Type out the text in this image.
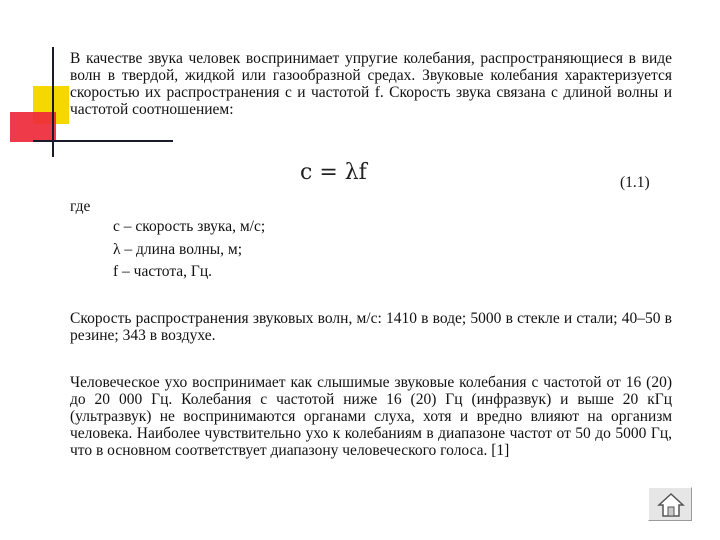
В качестве звука человек воспринимает упругие колебания, распространяющиеся в виде волн в твердой, жидкой или газообразной средах. Звуковые колебания характеризуется скоростью их распространения с и частотой f. Скорость звука связана с длиной волны и частотой соотношением:

c = λf	(1.1)
где
с – скорость звука, м/с;
λ – длина волны, м;
f – частота, Гц.

Скорость распространения звуковых волн, м/с: 1410 в воде; 5000 в стекле и стали; 40–50 в резине; 343 в воздухе.

Человеческое ухо воспринимает как слышимые звуковые колебания с частотой от 16 (20) до 20 000 Гц. Колебания с частотой ниже 16 (20) Гц (инфразвук) и выше 20 кГц (ультразвук) не воспринимаются органами слуха, хотя и вредно влияют на организм человека. Наиболее чувствительно ухо к колебаниям в диапазоне частот от 50 до 5000 Гц, что в основном соответствует диапазону человеческого голоса. [1]
